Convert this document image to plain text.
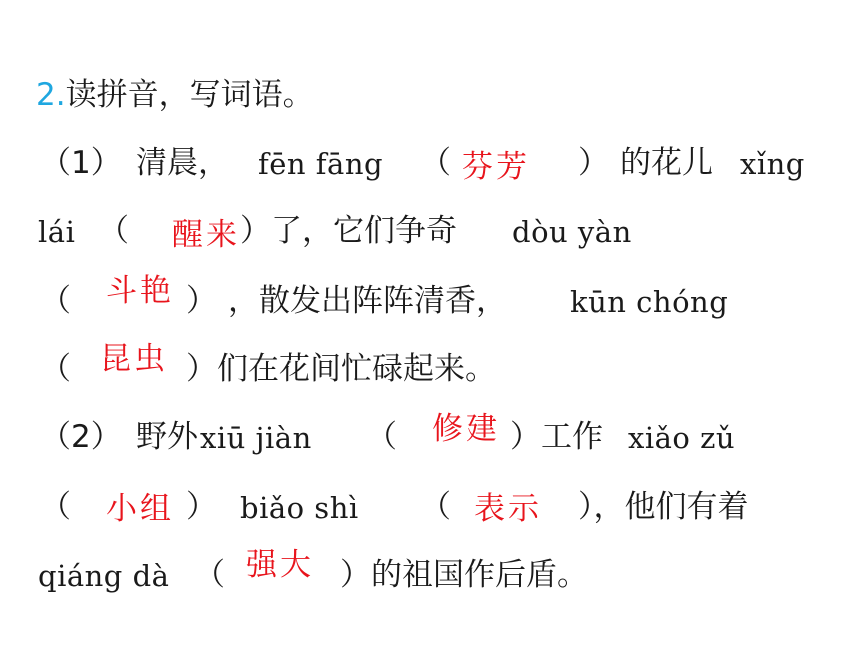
2.读拼音，写词语。
（1） 清晨， fēn fāng （ 芬芳 ） 的花儿 xǐng
lái （ 醒来 ）了，它们争奇 dòu yàn
（ 斗艳 ） ，散发出阵阵清香， kūn chóng
（ 昆虫 ）们在花间忙碌起来。
（2） 野外 xiū jiàn （ 修建 ）工作 xiǎo zǔ
（ 小组 ） biǎo shì （ 表示 ），他们有着
qiáng dà （ 强大 ）的祖国作后盾。
